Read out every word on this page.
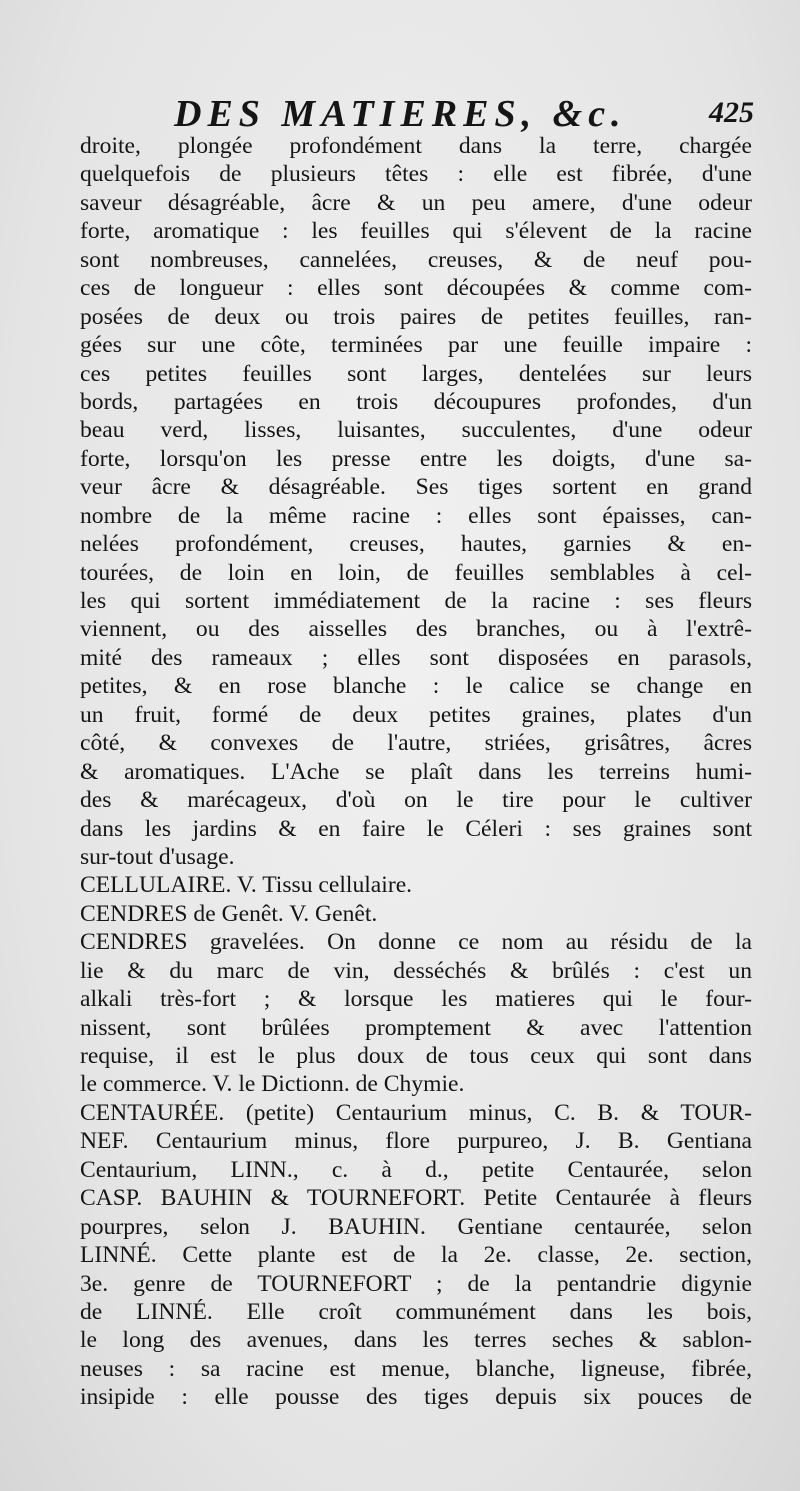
DES MATIERES, &c.	425
droite, plongée profondément dans la terre, chargée
quelquefois de plusieurs têtes : elle est fibrée, d'une
saveur désagréable, âcre & un peu amere, d'une odeur
forte, aromatique : les feuilles qui s'élevent de la racine
sont nombreuses, cannelées, creuses, & de neuf pou-
ces de longueur : elles sont découpées & comme com-
posées de deux ou trois paires de petites feuilles, ran-
gées sur une côte, terminées par une feuille impaire :
ces petites feuilles sont larges, dentelées sur leurs
bords, partagées en trois découpures profondes, d'un
beau verd, lisses, luisantes, succulentes, d'une odeur
forte, lorsqu'on les presse entre les doigts, d'une sa-
veur âcre & désagréable. Ses tiges sortent en grand
nombre de la même racine : elles sont épaisses, can-
nelées profondément, creuses, hautes, garnies & en-
tourées, de loin en loin, de feuilles semblables à cel-
les qui sortent immédiatement de la racine : ses fleurs
viennent, ou des aisselles des branches, ou à l'extrê-
mité des rameaux ; elles sont disposées en parasols,
petites, & en rose blanche : le calice se change en
un fruit, formé de deux petites graines, plates d'un
côté, & convexes de l'autre, striées, grisâtres, âcres
& aromatiques. L'Ache se plaît dans les terreins humi-
des & marécageux, d'où on le tire pour le cultiver
dans les jardins & en faire le Céleri : ses graines sont
sur-tout d'usage.
CELLULAIRE. V. Tissu cellulaire.
CENDRES de Genêt. V. Genêt.
CENDRES gravelées. On donne ce nom au résidu de la
lie & du marc de vin, desséchés & brûlés : c'est un
alkali très-fort ; & lorsque les matieres qui le four-
nissent, sont brûlées promptement & avec l'attention
requise, il est le plus doux de tous ceux qui sont dans
le commerce. V. le Dictionn. de Chymie.
CENTAURÉE. (petite) Centaurium minus, C. B. & TOUR-
NEF. Centaurium minus, flore purpureo, J. B. Gentiana
Centaurium, LINN., c. à d., petite Centaurée, selon
CASP. BAUHIN & TOURNEFORT. Petite Centaurée à fleurs
pourpres, selon J. BAUHIN. Gentiane centaurée, selon
LINNÉ. Cette plante est de la 2e. classe, 2e. section,
3e. genre de TOURNEFORT ; de la pentandrie digynie
de LINNÉ. Elle croît communément dans les bois,
le long des avenues, dans les terres seches & sablon-
neuses : sa racine est menue, blanche, ligneuse, fibrée,
insipide : elle pousse des tiges depuis six pouces de
